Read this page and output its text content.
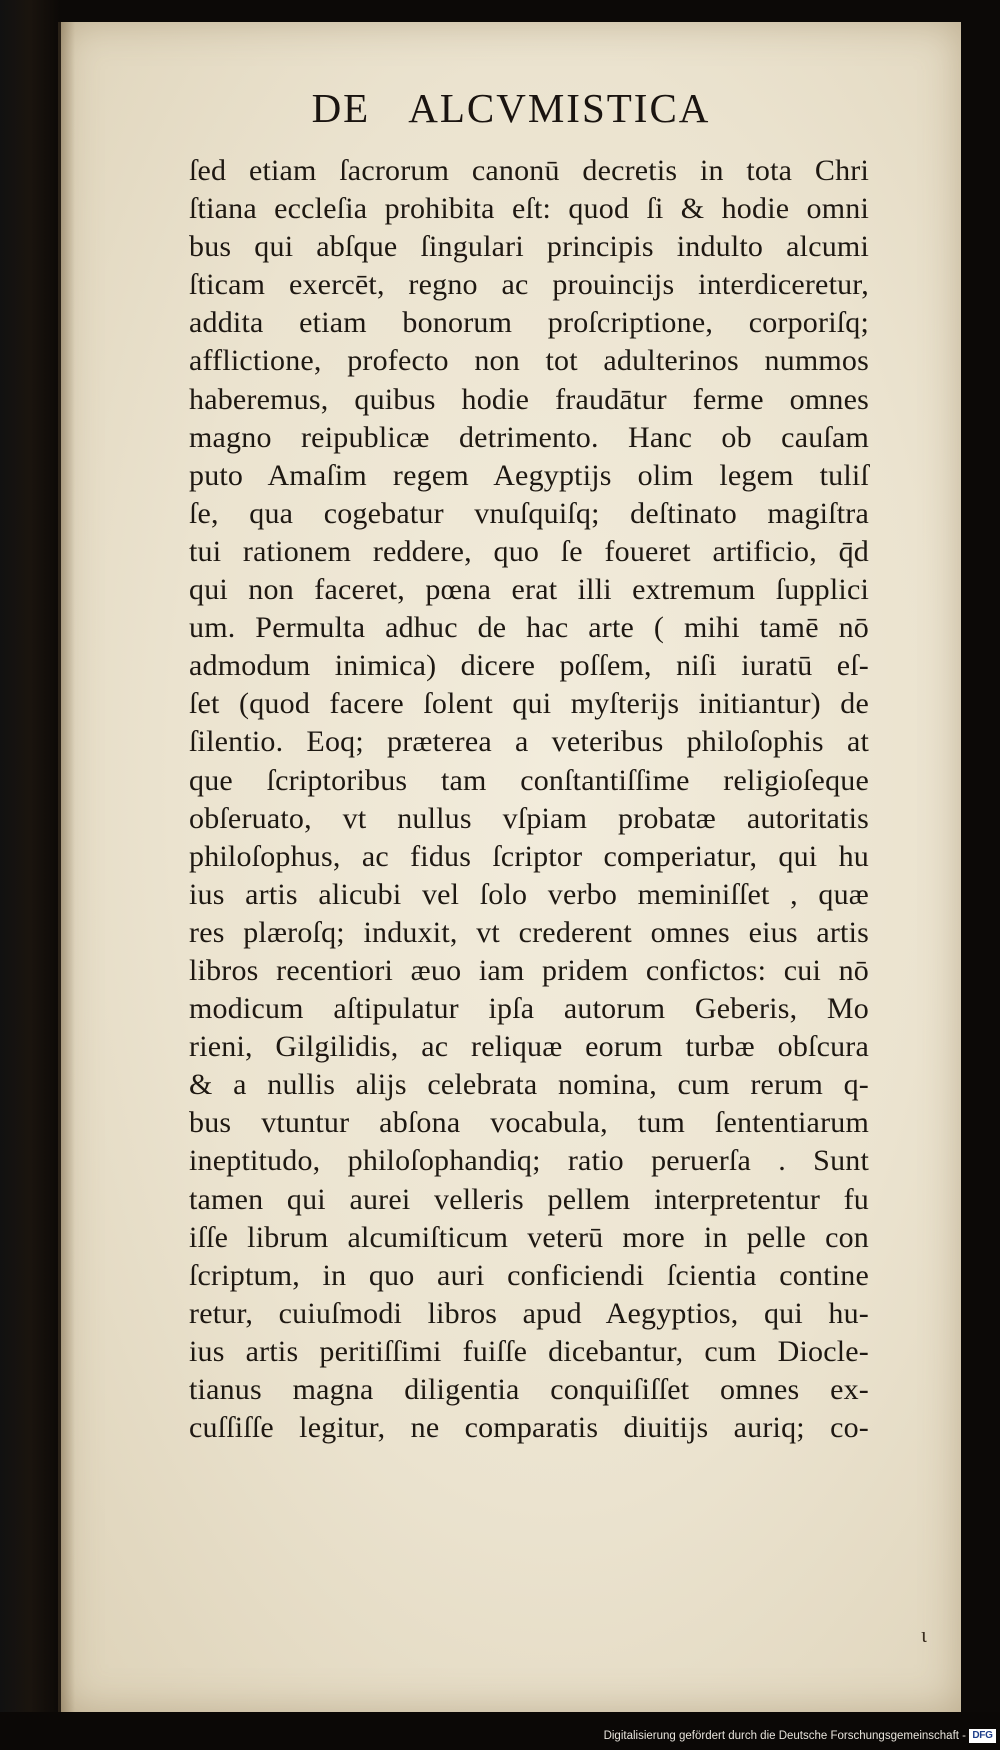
DE ALCVMISTICA
ſed etiam ſacrorum canonū decretis in tota Chri
ſtiana eccleſia prohibita eſt: quod ſi & hodie omni
bus qui abſque ſingulari principis indulto alcumi
ſticam exercēt, regno ac prouincijs interdiceretur,
addita etiam bonorum proſcriptione, corporiſq;
afflictione, profecto non tot adulterinos nummos
haberemus, quibus hodie fraudātur ferme omnes
magno reipublicæ detrimento. Hanc ob cauſam
puto Amaſim regem Aegyptijs olim legem tuliſ
ſe, qua cogebatur vnuſquiſq; deſtinato magiſtra
tui rationem reddere, quo ſe foueret artificio, q̄d
qui non faceret, pœna erat illi extremum ſupplici
um. Permulta adhuc de hac arte ( mihi tamē nō
admodum inimica) dicere poſſem, niſi iuratū eſ-
ſet (quod facere ſolent qui myſterijs initiantur) de
ſilentio. Eoq; præterea a veteribus philoſophis at
que ſcriptoribus tam conſtantiſſime religioſeque
obſeruato, vt nullus vſpiam probatæ autoritatis
philoſophus, ac fidus ſcriptor comperiatur, qui hu
ius artis alicubi vel ſolo verbo meminiſſet , quæ
res plæroſq; induxit, vt crederent omnes eius artis
libros recentiori æuo iam pridem confictos: cui nō
modicum aſtipulatur ipſa autorum Geberis, Mo
rieni, Gilgilidis, ac reliquæ eorum turbæ obſcura
& a nullis alijs celebrata nomina, cum rerum q-
bus vtuntur abſona vocabula, tum ſententiarum
ineptitudo, philoſophandiq; ratio peruerſa . Sunt
tamen qui aurei velleris pellem interpretentur fu
iſſe librum alcumiſticum veterū more in pelle con
ſcriptum, in quo auri conficiendi ſcientia contine
retur, cuiuſmodi libros apud Aegyptios, qui hu-
ius artis peritiſſimi fuiſſe dicebantur, cum Diocle-
tianus magna diligentia conquiſiſſet omnes ex-
cuſſiſſe legitur, ne comparatis diuitijs auriq; co-
ɩ
Digitalisierung gefördert durch die Deutsche Forschungsgemeinschaft - DFG
